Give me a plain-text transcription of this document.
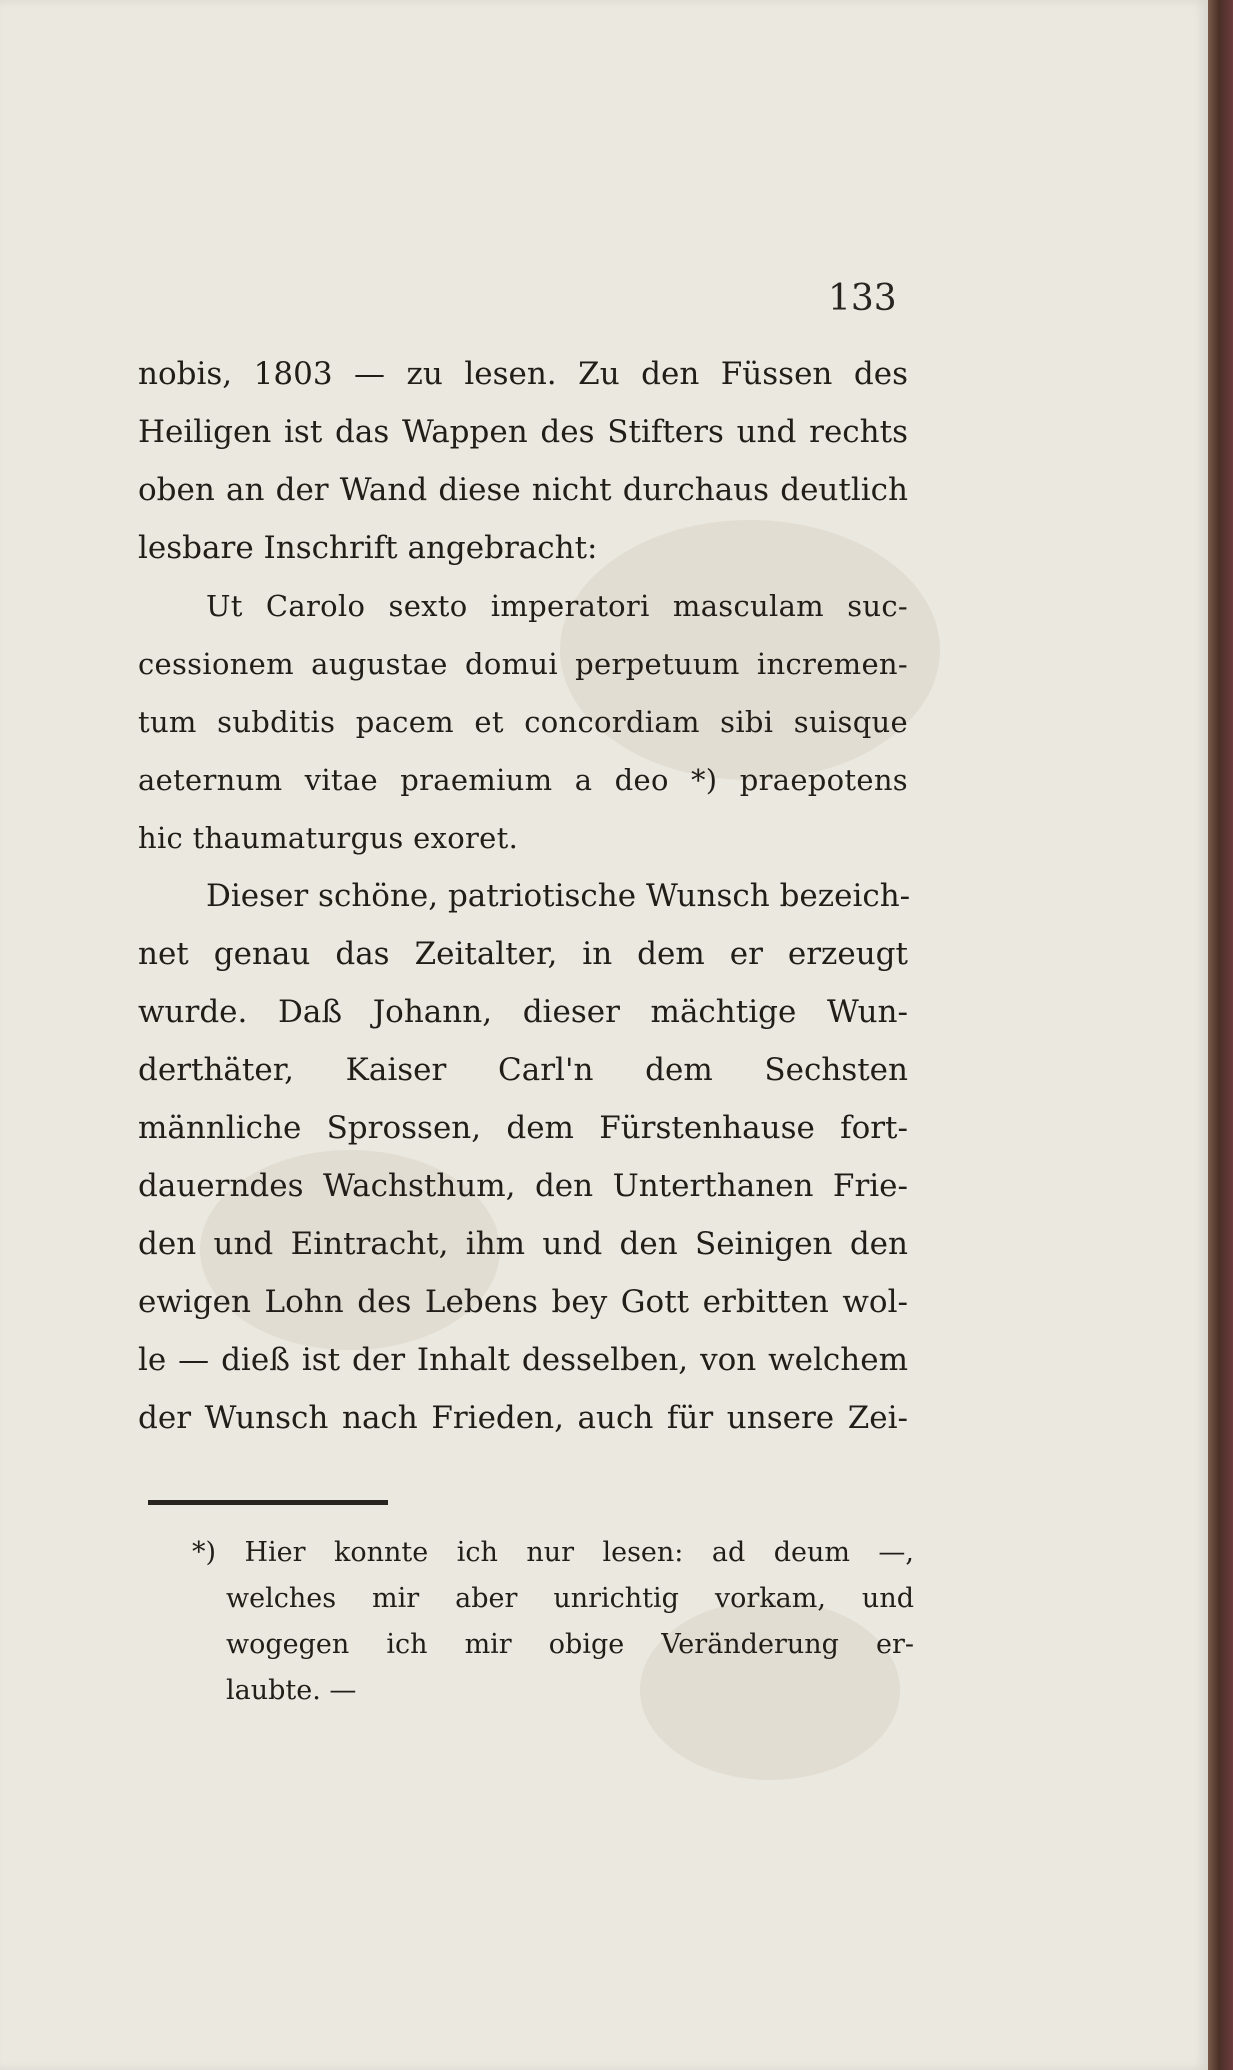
133

nobis, 1803 — zu lesen. Zu den Füssen des

Heiligen ist das Wappen des Stifters und rechts

oben an der Wand diese nicht durchaus deutlich

lesbare Inschrift angebracht:

Ut Carolo sexto imperatori masculam suc-

cessionem augustae domui perpetuum incremen-

tum subditis pacem et concordiam sibi suisque

aeternum vitae praemium a deo *) praepotens

hic thaumaturgus exoret.

Dieser schöne, patriotische Wunsch bezeich-

net genau das Zeitalter, in dem er erzeugt

wurde. Daß Johann, dieser mächtige Wun-

derthäter, Kaiser Carl'n dem Sechsten

männliche Sprossen, dem Fürstenhause fort-

dauerndes Wachsthum, den Unterthanen Frie-

den und Eintracht, ihm und den Seinigen den

ewigen Lohn des Lebens bey Gott erbitten wol-

le — dieß ist der Inhalt desselben, von welchem

der Wunsch nach Frieden, auch für unsere Zei-

*) Hier konnte ich nur lesen: ad deum —,

welches mir aber unrichtig vorkam, und

wogegen ich mir obige Veränderung er-

laubte. —
